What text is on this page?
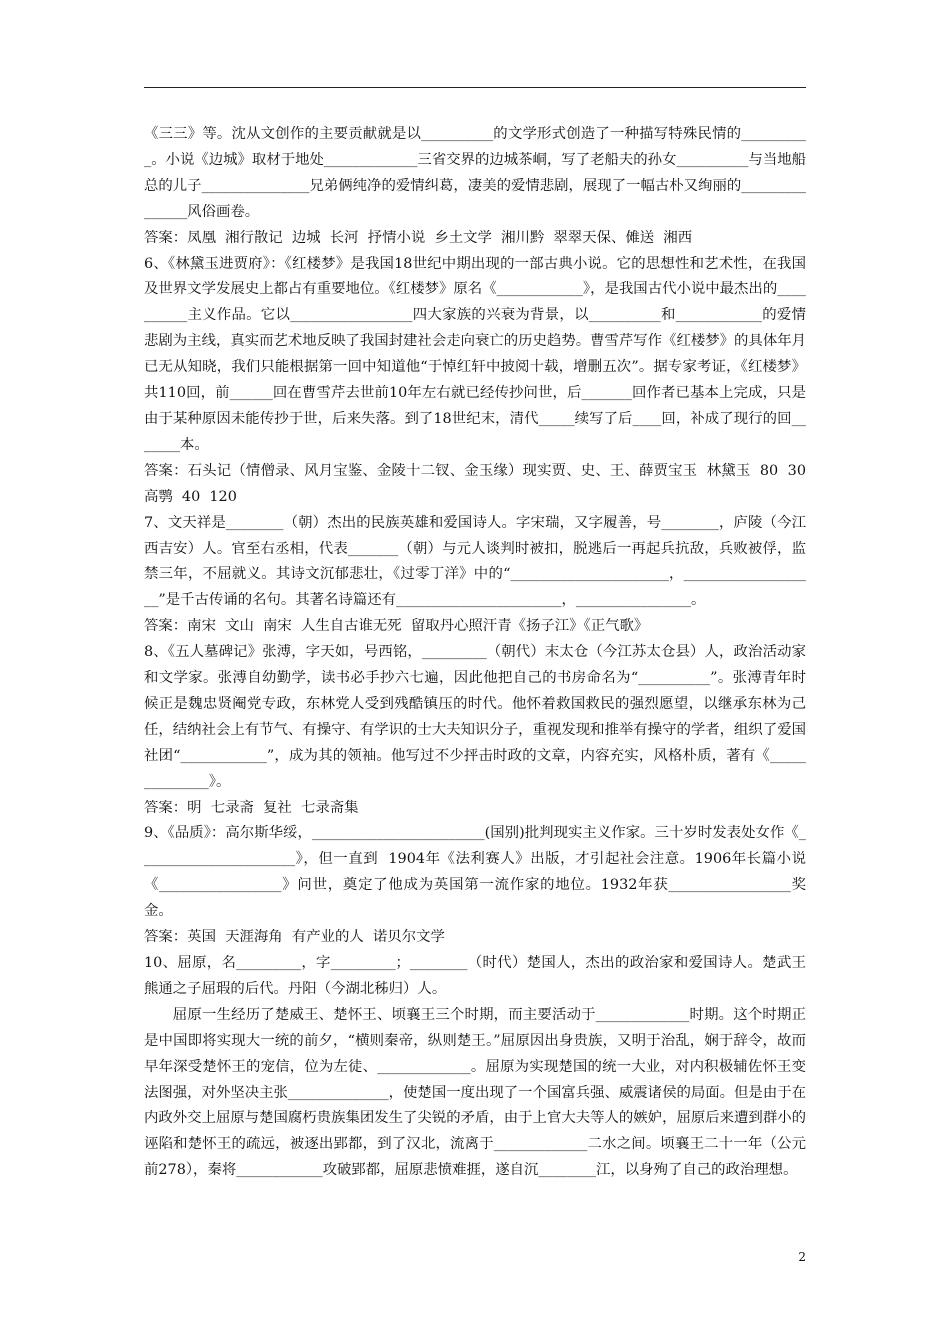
《三三》等。沈从文创作的主要贡献就是以__________的文学形式创造了一种描写特殊民情的__________。小说《边城》取材于地处_____________三省交界的边城茶峒，写了老船夫的孙女__________与当地船总的儿子_______________兄弟俩纯净的爱情纠葛，凄美的爱情悲剧，展现了一幅古朴又绚丽的_______________风俗画卷。

答案：凤凰  湘行散记  边城  长河  抒情小说  乡土文学  湘川黔  翠翠天保、傩送  湘西

6、《林黛玉进贾府》：《红楼梦》是我国18世纪中期出现的一部古典小说。它的思想性和艺术性，在我国及世界文学发展史上都占有重要地位。《红楼梦》原名《____________》，是我国古代小说中最杰出的__________主义作品。它以_________________四大家族的兴衰为背景，以__________和____________的爱情悲剧为主线，真实而艺术地反映了我国封建社会走向衰亡的历史趋势。曹雪芹写作《红楼梦》的具体年月已无从知晓，我们只能根据第一回中知道他“于悼红轩中披阅十载，增删五次”。据专家考证，《红楼梦》共110回，前______回在曹雪芹去世前10年左右就已经传抄问世，后_______回作者已基本上完成，只是由于某种原因未能传抄于世，后来失落。到了18世纪末，清代_____续写了后____回，补成了现行的回_______本。

答案：石头记（情僧录、风月宝鉴、金陵十二钗、金玉缘）现实贾、史、王、薛贾宝玉  林黛玉  80  30  高鹗  40  120

7、文天祥是________（朝）杰出的民族英雄和爱国诗人。字宋瑞，又字履善，号________，庐陵（今江西吉安）人。官至右丞相，代表_______（朝）与元人谈判时被扣，脱逃后一再起兵抗敌，兵败被俘，监禁三年，不屈就义。其诗文沉郁悲壮，《过零丁洋》中的“______________________，___________________”是千古传诵的名句。其著名诗篇还有_______________________，________________。

答案：南宋  文山  南宋  人生自古谁无死  留取丹心照汗青《扬子江》《正气歌》

8、《五人墓碑记》张溥，字天如，号西铭，_________（朝代）末太仓（今江苏太仓县）人，政治活动家和文学家。张溥自幼勤学，读书必手抄六七遍，因此他把自己的书房命名为“__________”。张溥青年时候正是魏忠贤阉党专政，东林党人受到残酷镇压的时代。他怀着救国救民的强烈愿望，以继承东林为己任，结纳社会上有节气、有操守、有学识的士大夫知识分子，重视发现和推举有操守的学者，组织了爱国社团“____________”，成为其的领袖。他写过不少抨击时政的文章，内容充实，风格朴质，著有《______________》。

答案：明  七录斋  复社  七录斋集

9、《品质》：高尔斯华绥，________________________(国别)批判现实主义作家。三十岁时发表处女作《______________________》，但一直到  1904年《法利赛人》出版，才引起社会注意。1906年长篇小说《_________________》问世，奠定了他成为英国第一流作家的地位。1932年获_________________奖金。

答案：英国  天涯海角  有产业的人  诺贝尔文学

10、屈原，名_________，字_________；________（时代）楚国人，杰出的政治家和爱国诗人。楚武王熊通之子屈瑕的后代。丹阳（今湖北秭归）人。

屈原一生经历了楚威王、楚怀王、顷襄王三个时期，而主要活动于_____________时期。这个时期正是中国即将实现大一统的前夕，“横则秦帝，纵则楚王。”屈原因出身贵族，又明于治乱，娴于辞令，故而早年深受楚怀王的宠信，位为左徒、_____________。屈原为实现楚国的统一大业，对内积极辅佐怀王变法图强，对外坚决主张______________，使楚国一度出现了一个国富兵强、威震诸侯的局面。但是由于在内政外交上屈原与楚国腐朽贵族集团发生了尖锐的矛盾，由于上官大夫等人的嫉妒，屈原后来遭到群小的诬陷和楚怀王的疏远，被逐出郢都，到了汉北，流离于_____________二水之间。顷襄王二十一年（公元前278），秦将____________攻破郢都，屈原悲愤难捱，遂自沉________江，以身殉了自己的政治理想。

2
